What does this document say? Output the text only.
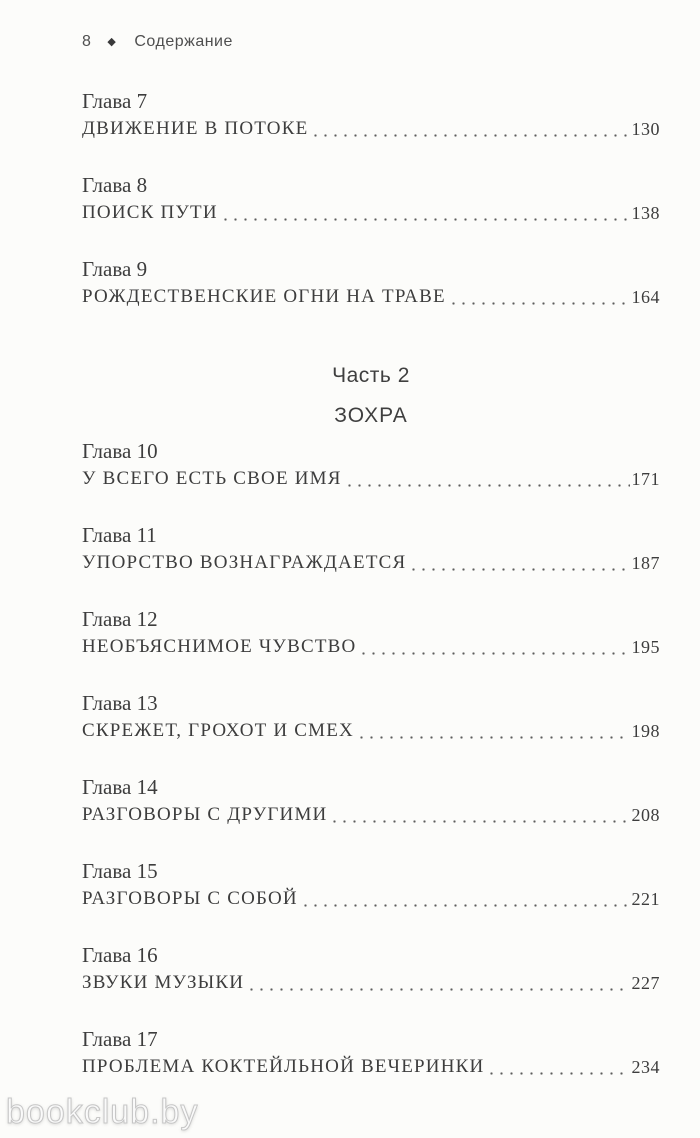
8 ◆ Содержание
Глава 7
ДВИЖЕНИЕ В ПОТОКЕ	130
Глава 8
ПОИСК ПУТИ	138
Глава 9
РОЖДЕСТВЕНСКИЕ ОГНИ НА ТРАВЕ	164
Часть 2
ЗОХРА
Глава 10
У ВСЕГО ЕСТЬ СВОЕ ИМЯ	171
Глава 11
УПОРСТВО ВОЗНАГРАЖДАЕТСЯ	187
Глава 12
НЕОБЪЯСНИМОЕ ЧУВСТВО	195
Глава 13
СКРЕЖЕТ, ГРОХОТ И СМЕХ	198
Глава 14
РАЗГОВОРЫ С ДРУГИМИ	208
Глава 15
РАЗГОВОРЫ С СОБОЙ	221
Глава 16
ЗВУКИ МУЗЫКИ	227
Глава 17
ПРОБЛЕМА КОКТЕЙЛЬНОЙ ВЕЧЕРИНКИ	234
bookclub.by
